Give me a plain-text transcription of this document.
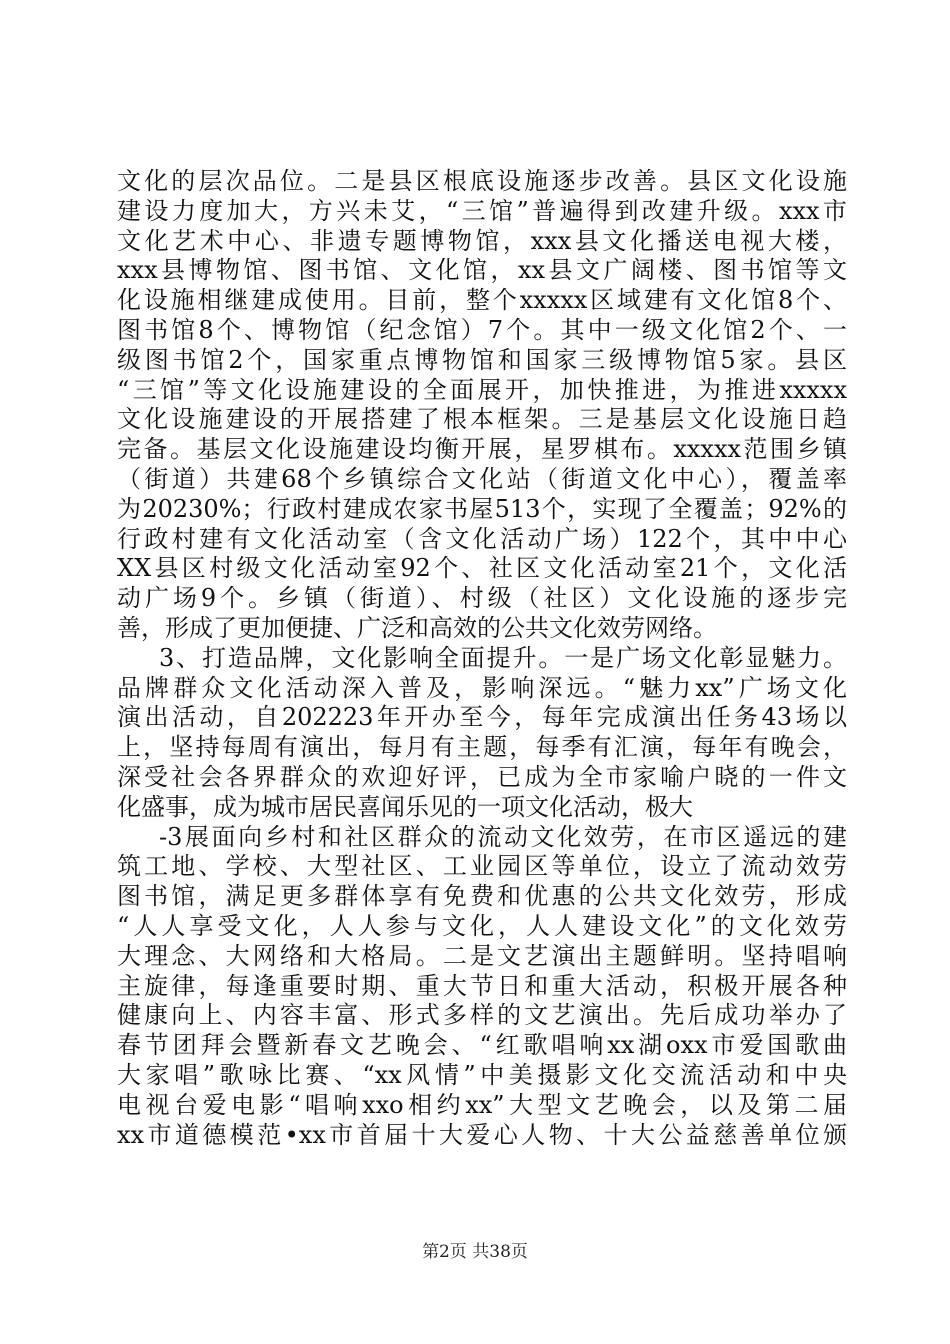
文化的层次品位。二是县区根底设施逐步改善。县区文化设施
建设力度加大，方兴未艾，“三馆”普遍得到改建升级。xxx市
文化艺术中心、非遗专题博物馆，xxx县文化播送电视大楼，
xxx县博物馆、图书馆、文化馆，xx县文广阔楼、图书馆等文
化设施相继建成使用。目前，整个xxxxx区域建有文化馆8个、
图书馆8个、博物馆（纪念馆）7个。其中一级文化馆2个、一
级图书馆2个，国家重点博物馆和国家三级博物馆5家。县区
“三馆”等文化设施建设的全面展开，加快推进，为推进xxxxx
文化设施建设的开展搭建了根本框架。三是基层文化设施日趋
完备。基层文化设施建设均衡开展，星罗棋布。xxxxx范围乡镇
（街道）共建68个乡镇综合文化站（街道文化中心），覆盖率
为20230%；行政村建成农家书屋513个，实现了全覆盖；92%的
行政村建有文化活动室（含文化活动广场）122个，其中中心
XX县区村级文化活动室92个、社区文化活动室21个，文化活
动广场9个。乡镇（街道）、村级（社区）文化设施的逐步完
善，形成了更加便捷、广泛和高效的公共文化效劳网络。
3、打造品牌，文化影响全面提升。一是广场文化彰显魅力。
品牌群众文化活动深入普及，影响深远。“魅力xx”广场文化
演出活动，自202223年开办至今，每年完成演出任务43场以
上，坚持每周有演出，每月有主题，每季有汇演，每年有晚会，
深受社会各界群众的欢迎好评，已成为全市家喻户晓的一件文
化盛事，成为城市居民喜闻乐见的一项文化活动，极大
-3展面向乡村和社区群众的流动文化效劳，在市区遥远的建
筑工地、学校、大型社区、工业园区等单位，设立了流动效劳
图书馆，满足更多群体享有免费和优惠的公共文化效劳，形成
“人人享受文化，人人参与文化，人人建设文化”的文化效劳
大理念、大网络和大格局。二是文艺演出主题鲜明。坚持唱响
主旋律，每逢重要时期、重大节日和重大活动，积极开展各种
健康向上、内容丰富、形式多样的文艺演出。先后成功举办了
春节团拜会暨新春文艺晚会、“红歌唱响xx湖oxx市爱国歌曲
大家唱”歌咏比赛、“xx风情”中美摄影文化交流活动和中央
电视台爱电影“唱响xxo相约xx”大型文艺晚会，以及第二届
xx市道德模范•xx市首届十大爱心人物、十大公益慈善单位颁
第2页 共38页
